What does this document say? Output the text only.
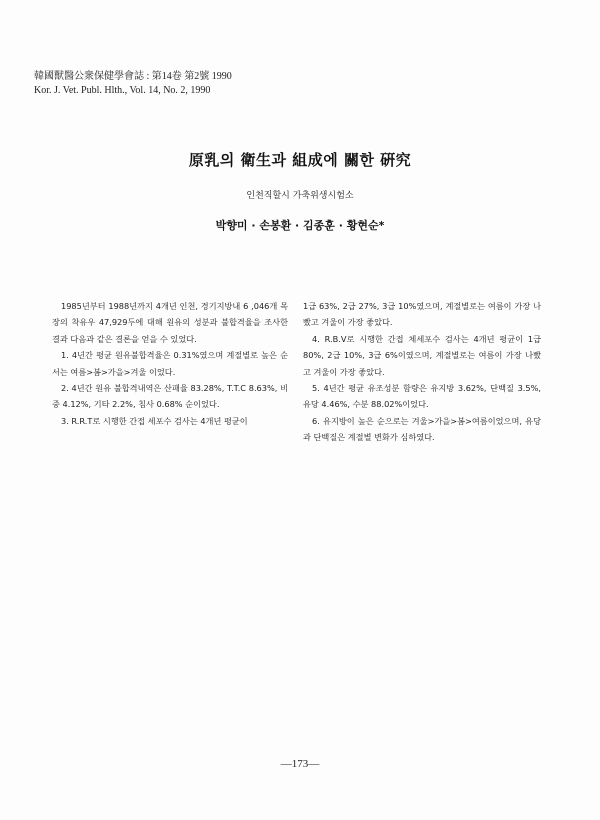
韓國獸醫公衆保健學會誌 : 第14卷 第2號 1990
Kor. J. Vet. Publ. Hlth., Vol. 14, No. 2, 1990
原乳의 衛生과 組成에 關한 硏究
인천직할시 가축위생시험소
박향미 · 손봉환 · 김종훈 · 황현순*

1985년부터 1988년까지 4개년 인천, 경기지방내 6 ,046개 목장의 착유우 47,929두에 대해 원유의 성분과 불합격율을 조사한 결과 다음과 같은 결론을 얻을 수 있었다.

1. 4년간 평균 원유불합격율은 0.31%였으며 계절별로 높은 순서는 여름>봄>가을>겨울 이었다.

2. 4년간 원유 불합격내역은 산패율 83.28%, T.T.C 8.63%, 비중 4.12%, 기타 2.2%, 침사 0.68% 순이었다.

3. R.R.T로 시행한 간접 세포수 검사는 4개년 평균이

1급 63%, 2급 27%, 3급 10%였으며, 계절별로는 여름이 가장 나빴고 겨울이 가장 좋았다.

4. R.B.V로 시행한 간접 체세포수 검사는 4개년 평균이 1급 80%, 2급 10%, 3급 6%이였으며, 계절별로는 여름이 가장 나빴고 겨울이 가장 좋았다.

5. 4년간 평균 유조성분 함량은 유지방 3.62%, 단백질 3.5%, 유당 4.46%, 수분 88.02%이었다.

6. 유지방이 높은 순으로는 겨울>가을>봄>여름이었으며, 유당과 단백질은 계절별 변화가 심하였다.

—173—
